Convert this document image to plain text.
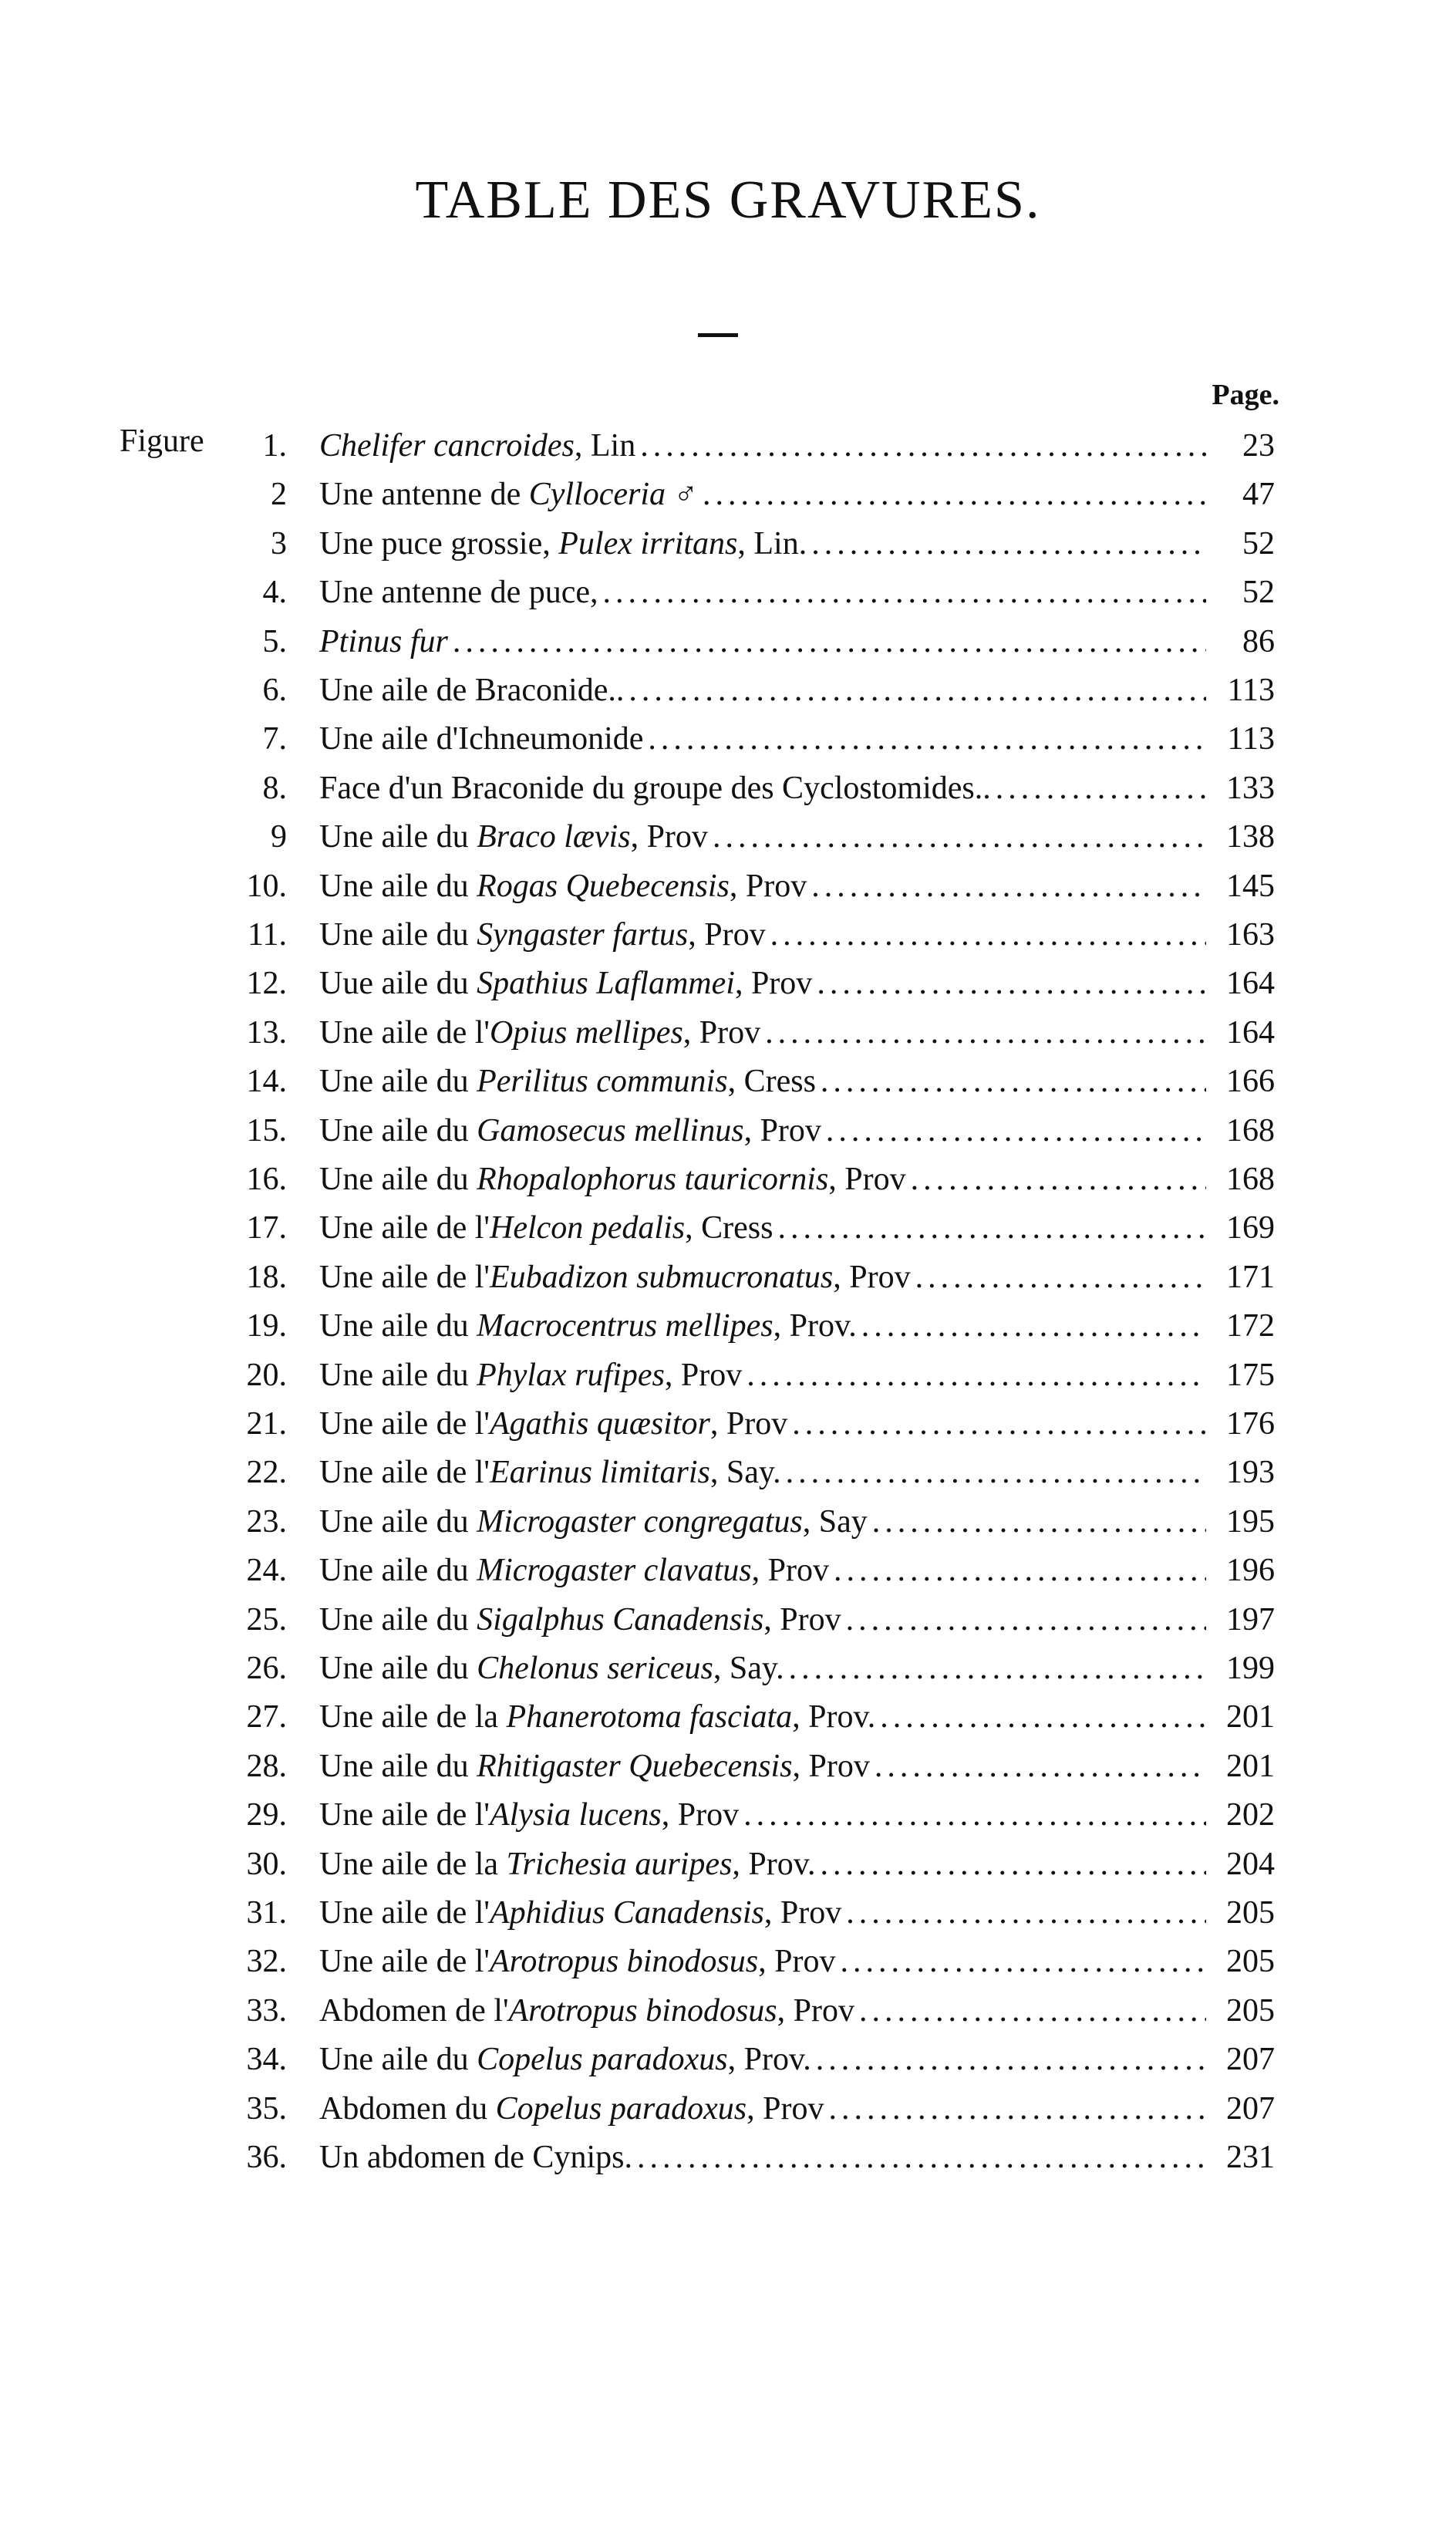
TABLE DES GRAVURES.
Page.
Figure 1. Chelifer cancroides, Lin .....	23
2 Une antenne de Cylloceria ♂ .....	47
3 Une puce grossie, Pulex irritans, Lin. .....	52
4. Une antenne de puce, .....	52
5. Ptinus fur .....	86
6. Une aile de Braconide.. .....	113
7. Une aile d'Ichneumonide .....	113
8. Face d'un Braconide du groupe des Cyclostomides.. .....	133
9 Une aile du Braco lævis, Prov .....	138
10. Une aile du Rogas Quebecensis, Prov .....	145
11. Une aile du Syngaster fartus, Prov .....	163
12. Uue aile du Spathius Laflammei, Prov .....	164
13. Une aile de l'Opius mellipes, Prov .....	164
14. Une aile du Perilitus communis, Cress .....	166
15. Une aile du Gamosecus mellinus, Prov .....	168
16. Une aile du Rhopalophorus tauricornis, Prov .....	168
17. Une aile de l'Helcon pedalis, Cress .....	169
18. Une aile de l'Eubadizon submucronatus, Prov .....	171
19. Une aile du Macrocentrus mellipes, Prov. .....	172
20. Une aile du Phylax rufipes, Prov .....	175
21. Une aile de l'Agathis quæsitor, Prov .....	176
22. Une aile de l'Earinus limitaris, Say. .....	193
23. Une aile du Microgaster congregatus, Say .....	195
24. Une aile du Microgaster clavatus, Prov .....	196
25. Une aile du Sigalphus Canadensis, Prov .....	197
26. Une aile du Chelonus sericeus, Say. .....	199
27. Une aile de la Phanerotoma fasciata, Prov. .....	201
28. Une aile du Rhitigaster Quebecensis, Prov .....	201
29. Une aile de l'Alysia lucens, Prov .....	202
30. Une aile de la Trichesia auripes, Prov. .....	204
31. Une aile de l'Aphidius Canadensis, Prov .....	205
32. Une aile de l'Arotropus binodosus, Prov .....	205
33. Abdomen de l'Arotropus binodosus, Prov .....	205
34. Une aile du Copelus paradoxus, Prov. .....	207
35. Abdomen du Copelus paradoxus, Prov .....	207
36. Un abdomen de Cynips. .....	231
